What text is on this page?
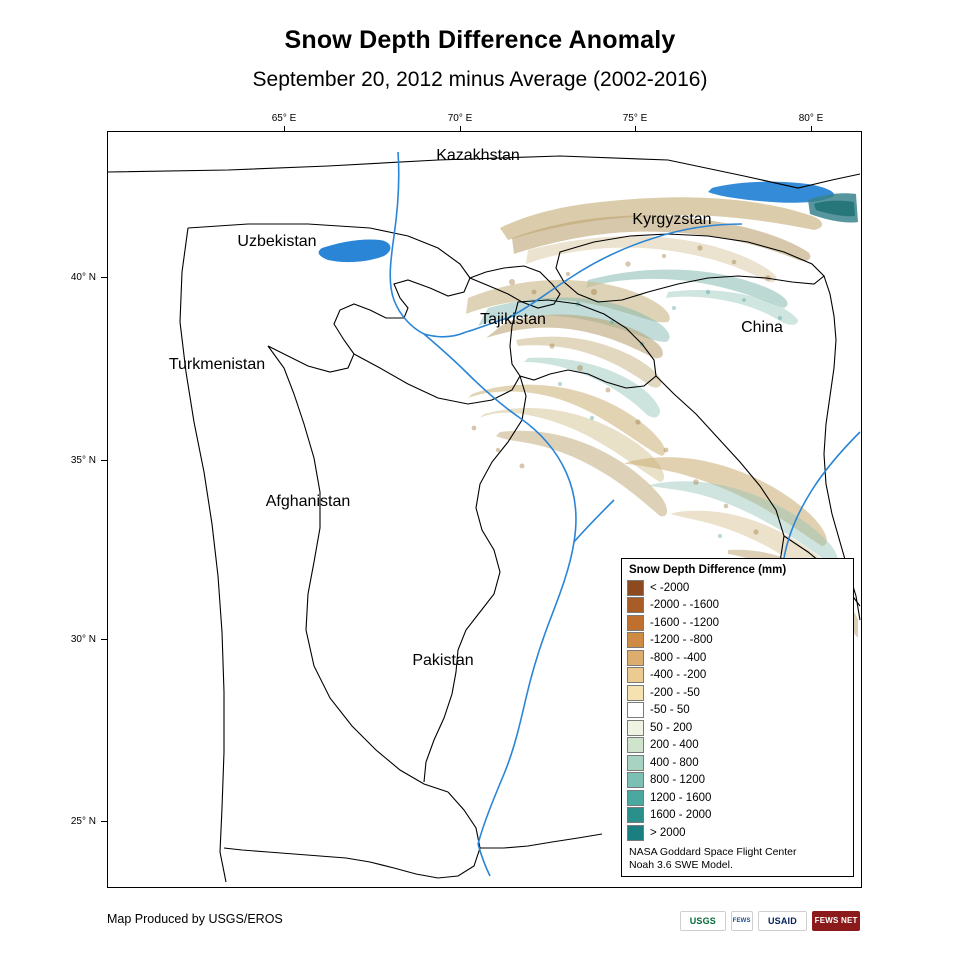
Snow Depth Difference Anomaly
September 20, 2012 minus Average (2002-2016)
65° E	70° E	75° E	80° E
40° N
35° N
30° N
25° N
Kazakhstan
Kyrgyzstan
Uzbekistan
Tajikistan	China
Turkmenistan
Afghanistan
Pakistan
Snow Depth Difference (mm)
< -2000
-2000 - -1600
-1600 - -1200
-1200 - -800
-800 - -400
-400 - -200
-200 - -50
-50 - 50
50 - 200
200 - 400
400 - 800
800 - 1200
1200 - 1600
1600 - 2000
> 2000
NASA Goddard Space Flight Center
Noah 3.6 SWE Model.
Map Produced by USGS/EROS	USGS	FEWS	USAID	FEWS NET
